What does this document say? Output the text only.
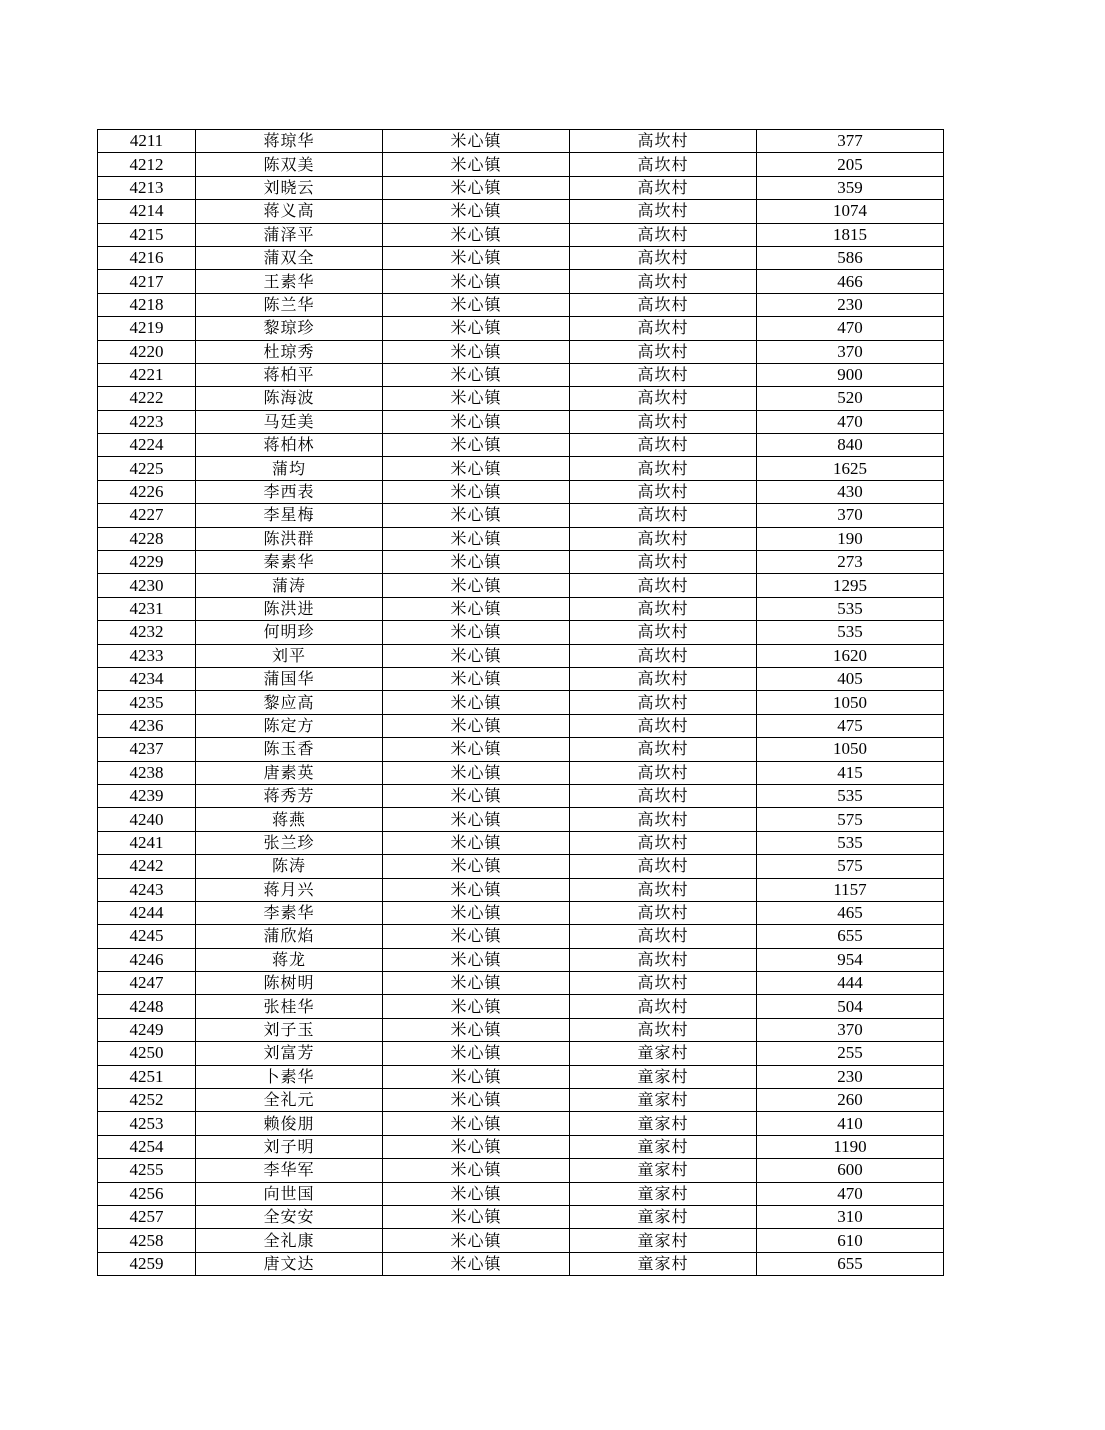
4211	蒋琼华	米心镇	高坎村	377
4212	陈双美	米心镇	高坎村	205
4213	刘晓云	米心镇	高坎村	359
4214	蒋义高	米心镇	高坎村	1074
4215	蒲泽平	米心镇	高坎村	1815
4216	蒲双全	米心镇	高坎村	586
4217	王素华	米心镇	高坎村	466
4218	陈兰华	米心镇	高坎村	230
4219	黎琼珍	米心镇	高坎村	470
4220	杜琼秀	米心镇	高坎村	370
4221	蒋柏平	米心镇	高坎村	900
4222	陈海波	米心镇	高坎村	520
4223	马廷美	米心镇	高坎村	470
4224	蒋柏林	米心镇	高坎村	840
4225	蒲均	米心镇	高坎村	1625
4226	李西表	米心镇	高坎村	430
4227	李星梅	米心镇	高坎村	370
4228	陈洪群	米心镇	高坎村	190
4229	秦素华	米心镇	高坎村	273
4230	蒲涛	米心镇	高坎村	1295
4231	陈洪进	米心镇	高坎村	535
4232	何明珍	米心镇	高坎村	535
4233	刘平	米心镇	高坎村	1620
4234	蒲国华	米心镇	高坎村	405
4235	黎应高	米心镇	高坎村	1050
4236	陈定方	米心镇	高坎村	475
4237	陈玉香	米心镇	高坎村	1050
4238	唐素英	米心镇	高坎村	415
4239	蒋秀芳	米心镇	高坎村	535
4240	蒋燕	米心镇	高坎村	575
4241	张兰珍	米心镇	高坎村	535
4242	陈涛	米心镇	高坎村	575
4243	蒋月兴	米心镇	高坎村	1157
4244	李素华	米心镇	高坎村	465
4245	蒲欣焰	米心镇	高坎村	655
4246	蒋龙	米心镇	高坎村	954
4247	陈树明	米心镇	高坎村	444
4248	张桂华	米心镇	高坎村	504
4249	刘子玉	米心镇	高坎村	370
4250	刘富芳	米心镇	童家村	255
4251	卜素华	米心镇	童家村	230
4252	全礼元	米心镇	童家村	260
4253	赖俊朋	米心镇	童家村	410
4254	刘子明	米心镇	童家村	1190
4255	李华军	米心镇	童家村	600
4256	向世国	米心镇	童家村	470
4257	全安安	米心镇	童家村	310
4258	全礼康	米心镇	童家村	610
4259	唐文达	米心镇	童家村	655
